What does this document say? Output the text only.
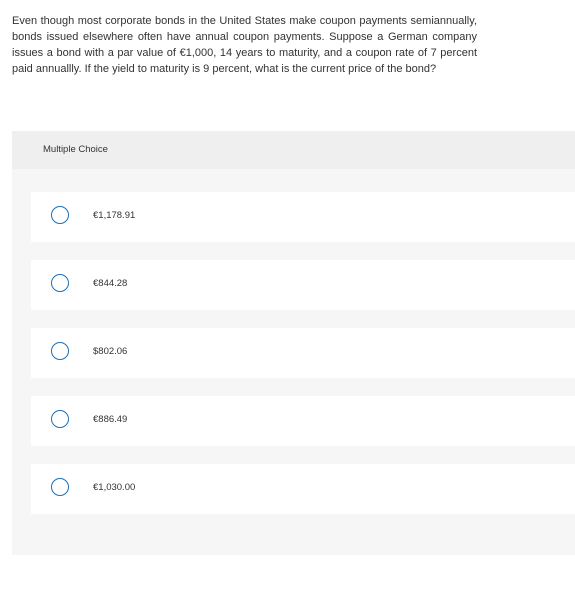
Even though most corporate bonds in the United States make coupon payments semiannually, bonds issued elsewhere often have annual coupon payments. Suppose a German company issues a bond with a par value of €1,000, 14 years to maturity, and a coupon rate of 7 percent paid annuallly. If the yield to maturity is 9 percent, what is the current price of the bond?
Multiple Choice
€1,178.91
€844.28
$802.06
€886.49
€1,030.00
